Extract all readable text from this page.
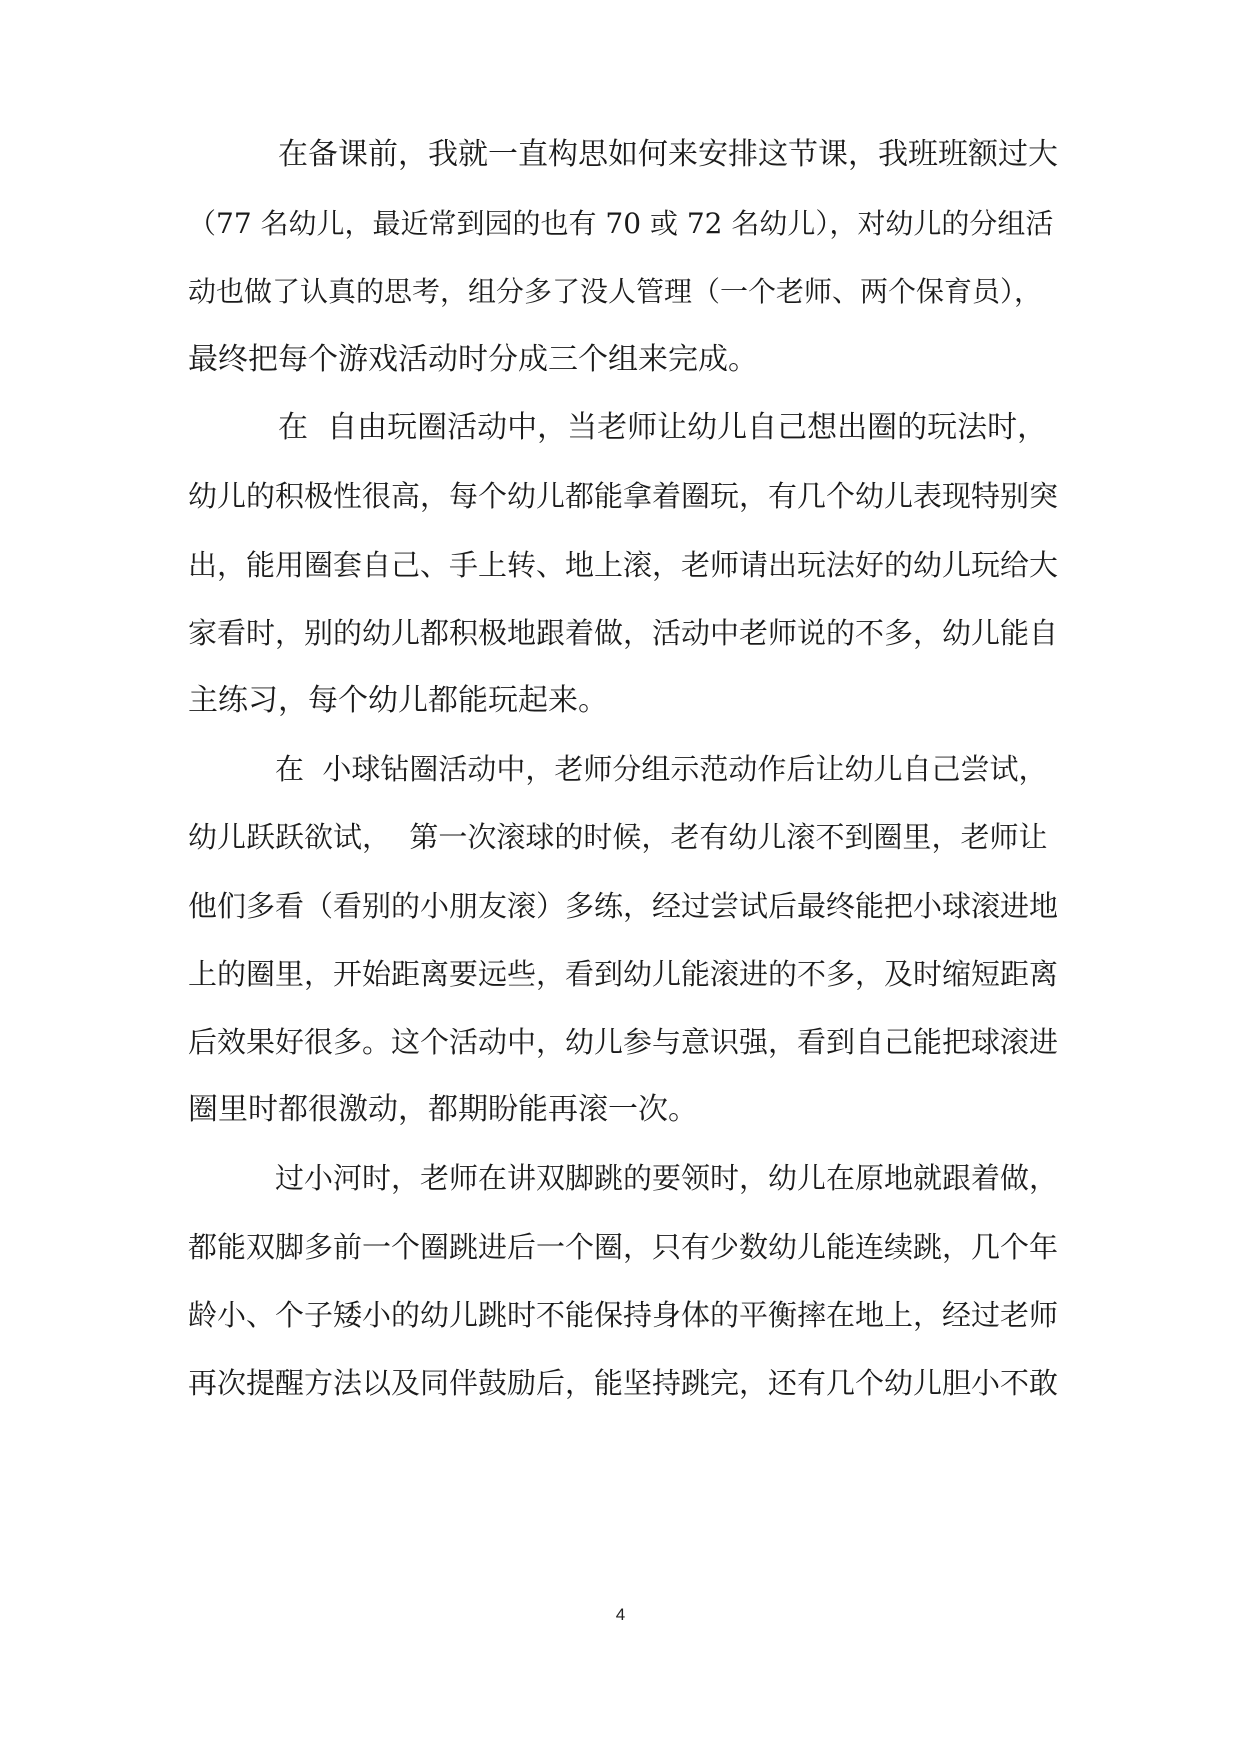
　　　在备课前，我就一直构思如何来安排这节课，我班班额过大
（77 名幼儿，最近常到园的也有 70 或 72 名幼儿），对幼儿的分组活
动也做了认真的思考，组分多了没人管理（一个老师、两个保育员），
最终把每个游戏活动时分成三个组来完成。
　　　在  自由玩圈活动中，当老师让幼儿自己想出圈的玩法时，
幼儿的积极性很高，每个幼儿都能拿着圈玩，有几个幼儿表现特别突
出，能用圈套自己、手上转、地上滚，老师请出玩法好的幼儿玩给大
家看时，别的幼儿都积极地跟着做，活动中老师说的不多，幼儿能自
主练习，每个幼儿都能玩起来。
　　　在  小球钻圈活动中，老师分组示范动作后让幼儿自己尝试，
幼儿跃跃欲试，  第一次滚球的时候，老有幼儿滚不到圈里，老师让
他们多看（看别的小朋友滚）多练，经过尝试后最终能把小球滚进地
上的圈里，开始距离要远些，看到幼儿能滚进的不多，及时缩短距离
后效果好很多。这个活动中，幼儿参与意识强，看到自己能把球滚进
圈里时都很激动，都期盼能再滚一次。
　　　过小河时，老师在讲双脚跳的要领时，幼儿在原地就跟着做，
都能双脚多前一个圈跳进后一个圈，只有少数幼儿能连续跳，几个年
龄小、个子矮小的幼儿跳时不能保持身体的平衡摔在地上，经过老师
再次提醒方法以及同伴鼓励后，能坚持跳完，还有几个幼儿胆小不敢
4
